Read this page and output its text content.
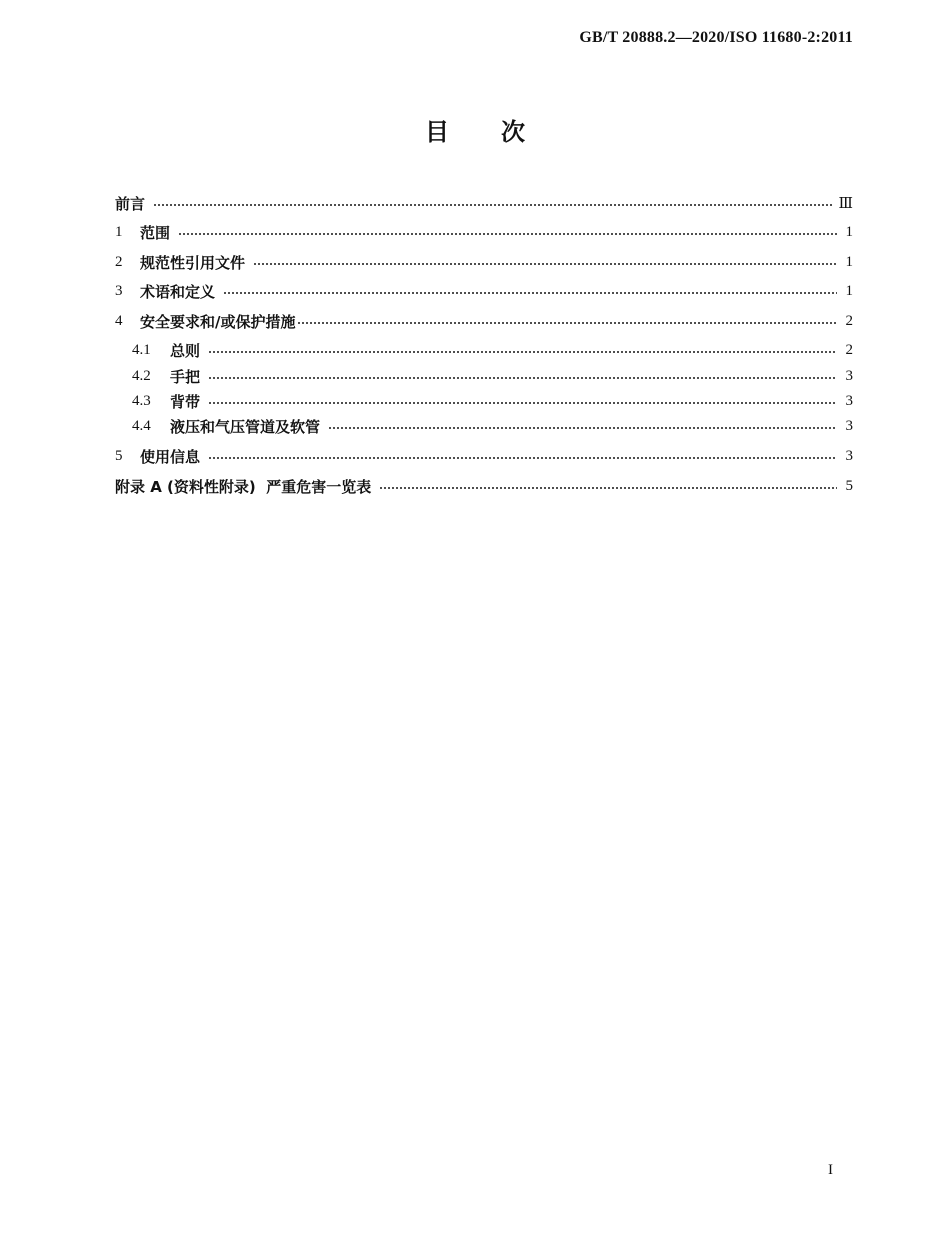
GB/T 20888.2—2020/ISO 11680-2:2011
目 次
前言	Ⅲ
1	范围	1
2	规范性引用文件	1
3	术语和定义	1
4	安全要求和/或保护措施	2
4.1	总则	2
4.2	手把	3
4.3	背带	3
4.4	液压和气压管道及软管	3
5	使用信息	3
附录 A (资料性附录)  严重危害一览表	5
I
